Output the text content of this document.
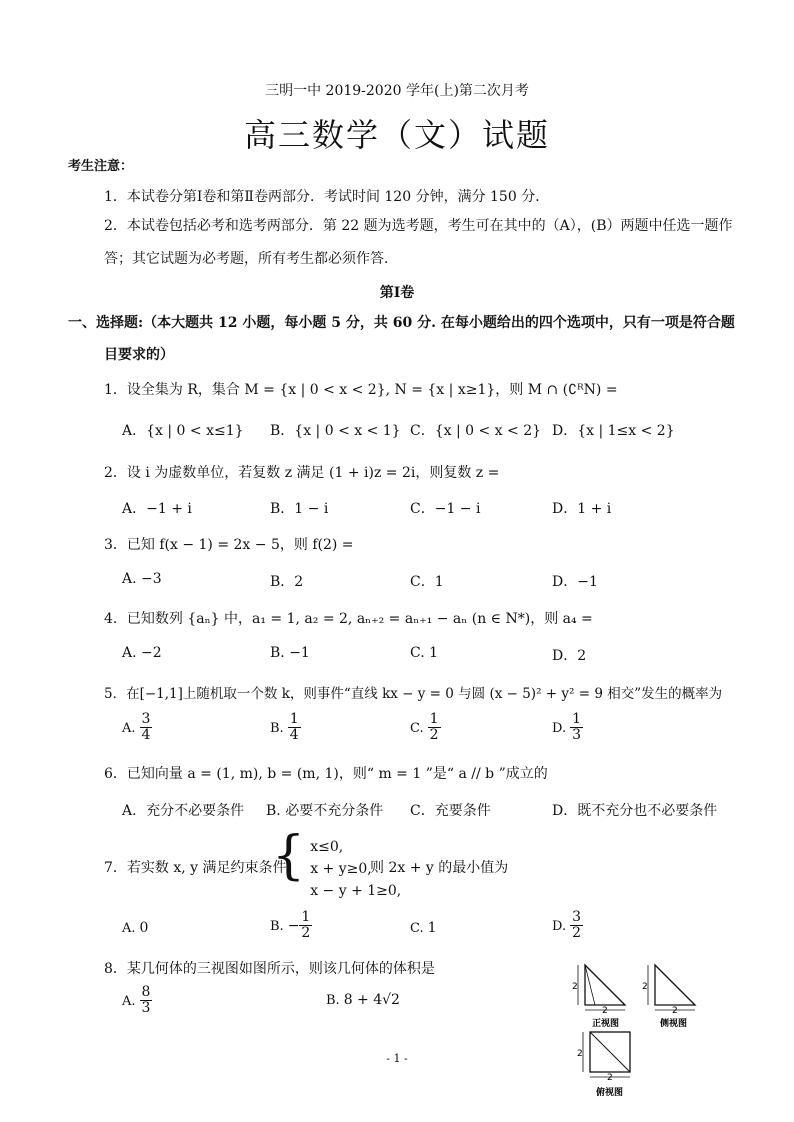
三明一中 2019-2020 学年(上)第二次月考
高三数学（文）试题
考生注意：
1．本试卷分第Ⅰ卷和第Ⅱ卷两部分．考试时间 120 分钟，满分 150 分．
2．本试卷包括必考和选考两部分．第 22 题为选考题，考生可在其中的（A），(B）两题中任选一题作
答；其它试题为必考题，所有考生都必须作答．
第Ⅰ卷
一、选择题:（本大题共 12 小题，每小题 5 分，共 60 分. 在每小题给出的四个选项中，只有一项是符合题
目要求的）
1．设全集为 R，集合 M = {x | 0 < x < 2}, N = {x | x≥1}，则 M ∩ (∁ᴿN) =
A．{x | 0 < x≤1} B．{x | 0 < x < 1} C．{x | 0 < x < 2} D．{x | 1≤x < 2}
2．设 i 为虚数单位，若复数 z 满足 (1 + i)z = 2i，则复数 z =
A．−1 + i	B．1 − i	C．−1 − i	D．1 + i
3．已知 f(x − 1) = 2x − 5，则 f(2) =
A. −3	B．2	C．1	D．−1
4．已知数列 {aₙ} 中，a₁ = 1, a₂ = 2, aₙ₊₂ = aₙ₊₁ − aₙ (n ∈ N*)，则 a₄ =
A. −2	B. −1	C. 1	D．2
5．在[−1,1]上随机取一个数 k，则事件“直线 kx − y = 0 与圆 (x − 5)² + y² = 9 相交”发生的概率为
A. $\frac{3}{4}$	B. $\frac{1}{4}$	C. $\frac{1}{2}$	D. $\frac{1}{3}$
6．已知向量 a = (1, m), b = (m, 1)，则“ m = 1 ”是“ a // b ”成立的
A．充分不必要条件 B. 必要不充分条件 C．充要条件	D．既不充分也不必要条件
7．若实数 x, y 满足约束条件
{ x≤0,
x + y≥0,
x − y + 1≥0,
则 2x + y 的最小值为
A. 0	B. − $\frac{1}{2}$	C. 1	D. $\frac{3}{2}$
8．某几何体的三视图如图所示，则该几何体的体积是
A. $\frac{8}{3}$	B. 8 + 4√2
2
2
正视图
2
2
侧视图
2
2
俯视图
- 1 -
